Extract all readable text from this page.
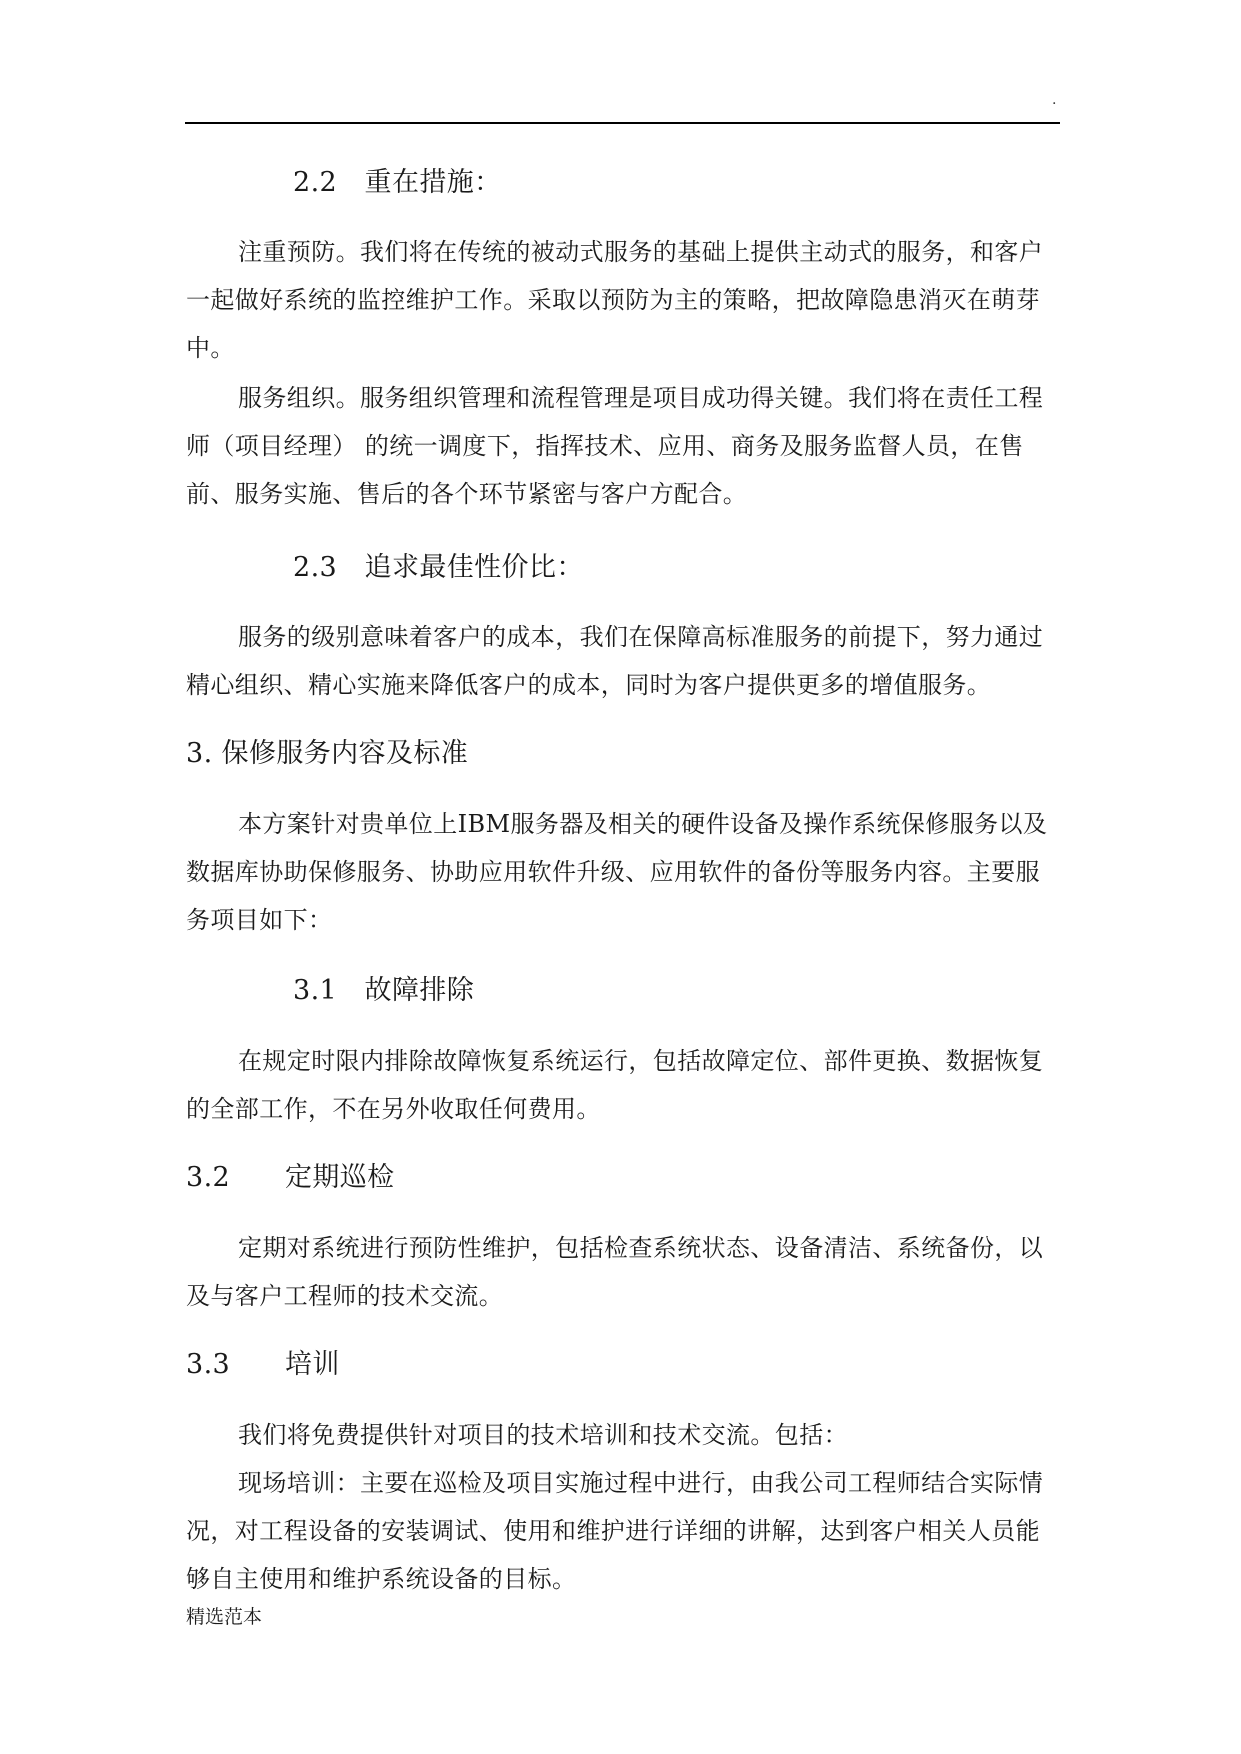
.
2.2　重在措施：
注重预防。我们将在传统的被动式服务的基础上提供主动式的服务，和客户
一起做好系统的监控维护工作。采取以预防为主的策略，把故障隐患消灭在萌芽
中。
服务组织。服务组织管理和流程管理是项目成功得关键。我们将在责任工程
师（项目经理） 的统一调度下，指挥技术、应用、商务及服务监督人员，在售
前、服务实施、售后的各个环节紧密与客户方配合。
2.3　追求最佳性价比：
服务的级别意味着客户的成本，我们在保障高标准服务的前提下，努力通过
精心组织、精心实施来降低客户的成本，同时为客户提供更多的增值服务。
3. 保修服务内容及标准
本方案针对贵单位上IBM服务器及相关的硬件设备及操作系统保修服务以及
数据库协助保修服务、协助应用软件升级、应用软件的备份等服务内容。主要服
务项目如下：
3.1　故障排除
在规定时限内排除故障恢复系统运行，包括故障定位、部件更换、数据恢复
的全部工作，不在另外收取任何费用。
3.2　　定期巡检
定期对系统进行预防性维护，包括检查系统状态、设备清洁、系统备份，以
及与客户工程师的技术交流。
3.3　　培训
我们将免费提供针对项目的技术培训和技术交流。包括：
现场培训：主要在巡检及项目实施过程中进行，由我公司工程师结合实际情
况，对工程设备的安装调试、使用和维护进行详细的讲解，达到客户相关人员能
够自主使用和维护系统设备的目标。
精选范本
